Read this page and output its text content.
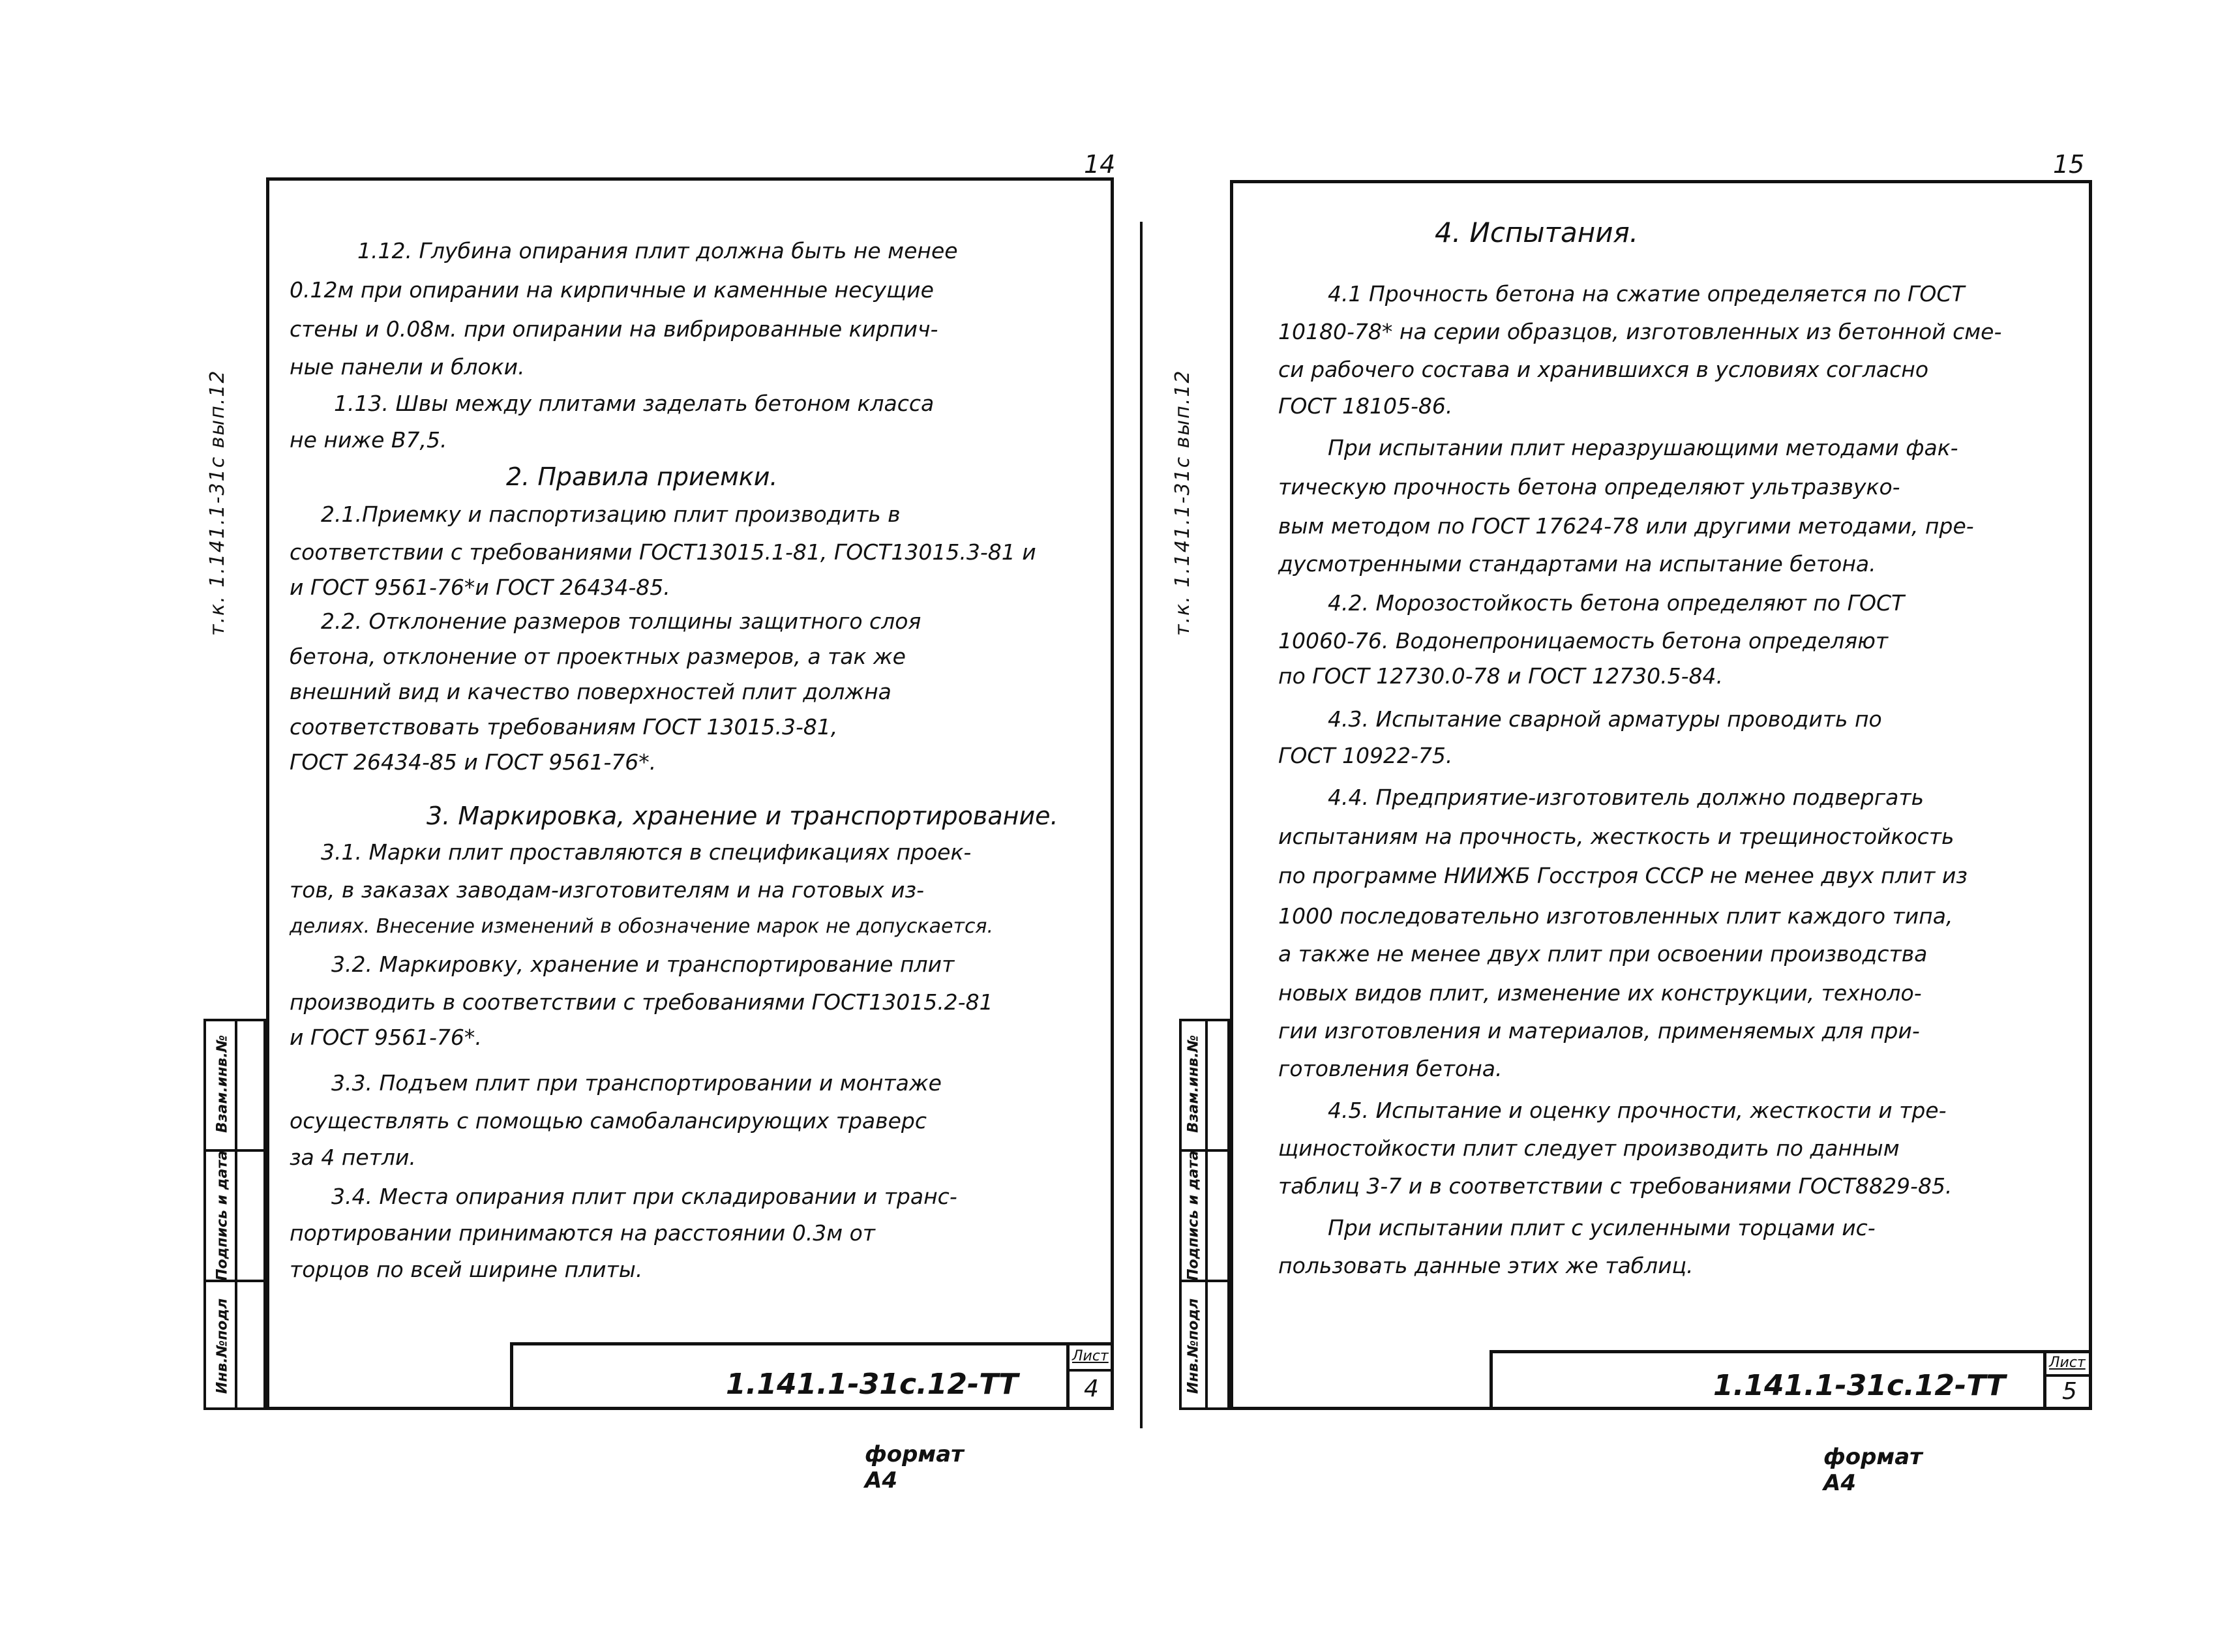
14
т.к. 1.141.1-31с вып.12
Взам.инв.№
Подпись и дата
Инв.№подл
1.12. Глубина опирания плит должна быть не менее
0.12м при опирании на кирпичные и каменные несущие
стены и 0.08м. при опирании на вибрированные кирпич-
ные панели и блоки.
1.13. Швы между плитами заделать бетоном класса
не ниже В7,5.
2. Правила приемки.
2.1.Приемку и паспортизацию плит производить в
соответствии с требованиями ГОСТ13015.1-81, ГОСТ13015.3-81 и
и ГОСТ 9561-76*и ГОСТ 26434-85.
2.2. Отклонение размеров толщины защитного слоя
бетона, отклонение от проектных размеров, а так же
внешний вид и качество поверхностей плит должна
соответствовать требованиям ГОСТ 13015.3-81,
ГОСТ 26434-85 и ГОСТ 9561-76*.
3. Маркировка, хранение и транспортирование.
3.1. Марки плит проставляются в спецификациях проек-
тов, в заказах заводам-изготовителям и на готовых из-
делиях. Внесение изменений в обозначение марок не допускается.
3.2. Маркировку, хранение и транспортирование плит
производить в соответствии с требованиями ГОСТ13015.2-81
и ГОСТ 9561-76*.
3.3. Подъем плит при транспортировании и монтаже
осуществлять с помощью самобалансирующих траверс
за 4 петли.
3.4. Места опирания плит при складировании и транс-
портировании принимаются на расстоянии 0.3м от
торцов по всей ширине плиты.
1.141.1-31с.12-ТТ
Лист
4
формат А4
15
т.к. 1.141.1-31с вып.12
Взам.инв.№
Подпись и дата
Инв.№подл
4. Испытания.
4.1 Прочность бетона на сжатие определяется по ГОСТ
10180-78* на серии образцов, изготовленных из бетонной сме-
си рабочего состава и хранившихся в условиях согласно
ГОСТ 18105-86.
При испытании плит неразрушающими методами фак-
тическую прочность бетона определяют ультразвуко-
вым методом по ГОСТ 17624-78 или другими методами, пре-
дусмотренными стандартами на испытание бетона.
4.2. Морозостойкость бетона определяют по ГОСТ
10060-76. Водонепроницаемость бетона определяют
по ГОСТ 12730.0-78 и ГОСТ 12730.5-84.
4.3. Испытание сварной арматуры проводить по
ГОСТ 10922-75.
4.4. Предприятие-изготовитель должно подвергать
испытаниям на прочность, жесткость и трещиностойкость
по программе НИИЖБ Госстроя СССР не менее двух плит из
1000 последовательно изготовленных плит каждого типа,
а также не менее двух плит при освоении производства
новых видов плит, изменение их конструкции, техноло-
гии изготовления и материалов, применяемых для при-
готовления бетона.
4.5. Испытание и оценку прочности, жесткости и тре-
щиностойкости плит следует производить по данным
таблиц 3-7 и в соответствии с требованиями ГОСТ8829-85.
При испытании плит с усиленными торцами ис-
пользовать данные этих же таблиц.
1.141.1-31с.12-ТТ
Лист
5
формат А4
